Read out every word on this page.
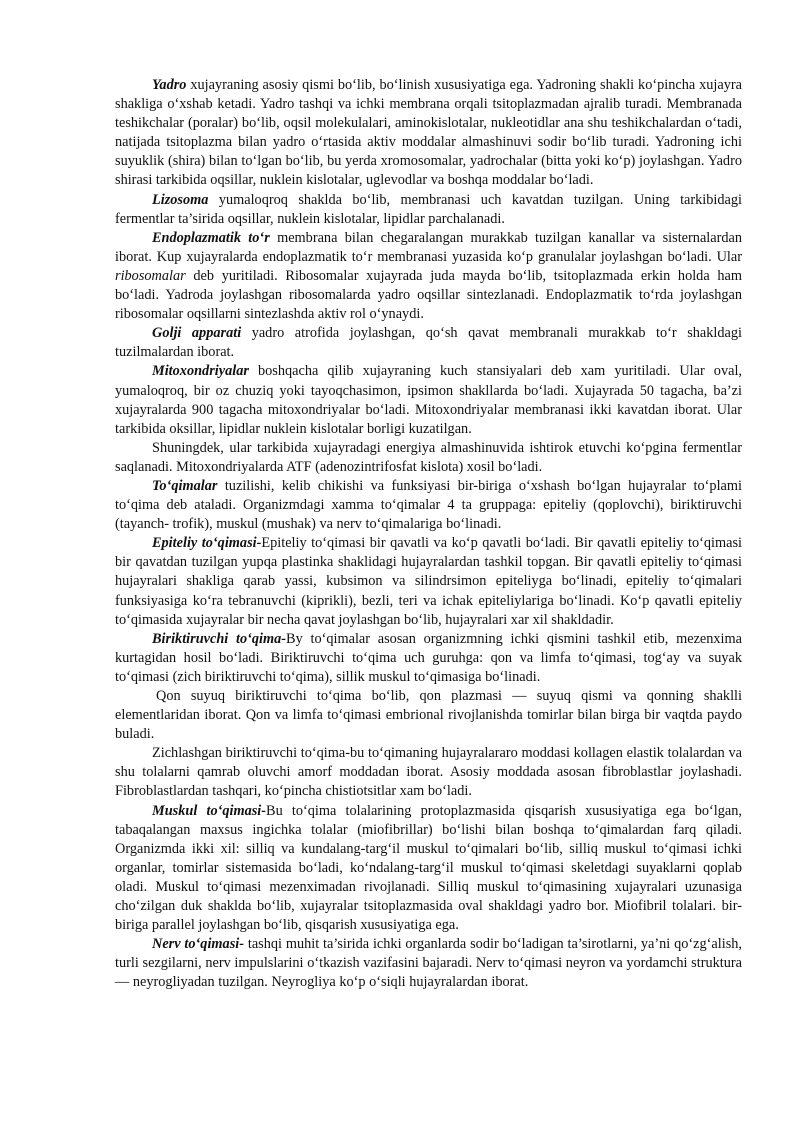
Yadro xujayraning asosiy qismi bo‘lib, bo‘linish xususiyatiga ega. Yadroning shakli ko‘pincha xujayra shakliga o‘xshab ketadi. Yadro tashqi va ichki membrana orqali tsitoplazmadan ajralib turadi. Membranada teshikchalar (poralar) bo‘lib, oqsil molekulalari, aminokislotalar, nukleotidlar ana shu teshikchalardan o‘tadi, natijada tsitoplazma bilan yadro o‘rtasida aktiv moddalar almashinuvi sodir bo‘lib turadi. Yadroning ichi suyuklik (shira) bilan to‘lgan bo‘lib, bu yerda xromosomalar, yadrochalar (bitta yoki ko‘p) joylashgan. Yadro shirasi tarkibida oqsillar, nuklein kislotalar, uglevodlar va boshqa moddalar bo‘ladi.

Lizosoma yumaloqroq shaklda bo‘lib, membranasi uch kavatdan tuzilgan. Uning tarkibidagi fermentlar ta’sirida oqsillar, nuklein kislotalar, lipidlar parchalanadi.

Endoplazmatik to‘r membrana bilan chegaralangan murakkab tuzilgan kanallar va sisternalardan iborat. Kup xujayralarda endoplazmatik to‘r membranasi yuzasida ko‘p granulalar joylashgan bo‘ladi. Ular ribosomalar deb yuritiladi. Ribosomalar xujayrada juda mayda bo‘lib, tsitoplazmada erkin holda ham bo‘ladi. Yadroda joylashgan ribosomalarda yadro oqsillar sintezlanadi. Endoplazmatik to‘rda joylashgan ribosomalar oqsillarni sintezlashda aktiv rol o‘ynaydi.

Golji apparati yadro atrofida joylashgan, qo‘sh qavat membranali murakkab to‘r shakldagi tuzilmalardan iborat.

Mitoxondriyalar boshqacha qilib xujayraning kuch stansiyalari deb xam yuritiladi. Ular oval, yumaloqroq, bir oz chuziq yoki tayoqchasimon, ipsimon shakllarda bo‘ladi. Xujayrada 50 tagacha, ba’zi xujayralarda 900 tagacha mitoxondriyalar bo‘ladi. Mitoxondriyalar membranasi ikki kavatdan iborat. Ular tarkibida oksillar, lipidlar nuklein kislotalar borligi kuzatilgan.

Shuningdek, ular tarkibida xujayradagi energiya almashinuvida ishtirok etuvchi ko‘pgina fermentlar saqlanadi. Mitoxondriyalarda ATF (adenozintrifosfat kislota) xosil bo‘ladi.

To‘qimalar tuzilishi, kelib chikishi va funksiyasi bir-biriga o‘xshash bo‘lgan hujayralar to‘plami to‘qima deb ataladi. Organizmdagi xamma to‘qimalar 4 ta gruppaga: epiteliy (qoplovchi), biriktiruvchi (tayanch- trofik), muskul (mushak) va nerv to‘qimalariga bo‘linadi.

Epiteliy to‘qimasi-Epiteliy to‘qimasi bir qavatli va ko‘p qavatli bo‘ladi. Bir qavatli epiteliy to‘qimasi bir qavatdan tuzilgan yupqa plastinka shaklidagi hujayralardan tashkil topgan. Bir qavatli epiteliy to‘qimasi hujayralari shakliga qarab yassi, kubsimon va silindrsimon epiteliyga bo‘linadi, epiteliy to‘qimalari funksiyasiga ko‘ra tebranuvchi (kiprikli), bezli, teri va ichak epiteliylariga bo‘linadi. Ko‘p qavatli epiteliy to‘qimasida xujayralar bir necha qavat joylashgan bo‘lib, hujayralari xar xil shakldadir.

Biriktiruvchi to‘qima-By to‘qimalar asosan organizmning ichki qismini tashkil etib, mezenxima kurtagidan hosil bo‘ladi. Biriktiruvchi to‘qima uch guruhga: qon va limfa to‘qimasi, tog‘ay va suyak to‘qimasi (zich biriktiruvchi to‘qima), sillik muskul to‘qimasiga bo‘linadi.

Qon suyuq biriktiruvchi to‘qima bo‘lib, qon plazmasi — suyuq qismi va qonning shaklli elementlaridan iborat. Qon va limfa to‘qimasi embrional rivojlanishda tomirlar bilan birga bir vaqtda paydo buladi.

Zichlashgan biriktiruvchi to‘qima-bu to‘qimaning hujayralararo moddasi kollagen elastik tolalardan va shu tolalarni qamrab oluvchi amorf moddadan iborat. Asosiy moddada asosan fibroblastlar joylashadi. Fibroblastlardan tashqari, ko‘pincha chistiotsitlar xam bo‘ladi.

Muskul to‘qimasi-Bu to‘qima tolalarining protoplazmasida qisqarish xususiyatiga ega bo‘lgan, tabaqalangan maxsus ingichka tolalar (miofibrillar) bo‘lishi bilan boshqa to‘qimalardan farq qiladi. Organizmda ikki xil: silliq va kundalang-targ‘il muskul to‘qimalari bo‘lib, silliq muskul to‘qimasi ichki organlar, tomirlar sistemasida bo‘ladi, ko‘ndalang-targ‘il muskul to‘qimasi skeletdagi suyaklarni qoplab oladi. Muskul to‘qimasi mezenximadan rivojlanadi. Silliq muskul to‘qimasining xujayralari uzunasiga cho‘zilgan duk shaklda bo‘lib, xujayralar tsitoplazmasida oval shakldagi yadro bor. Miofibril tolalari. bir-biriga parallel joylashgan bo‘lib, qisqarish xususiyatiga ega.

Nerv to‘qimasi- tashqi muhit ta’sirida ichki organlarda sodir bo‘ladigan ta’sirotlarni, ya’ni qo‘zg‘alish, turli sezgilarni, nerv impulslarini o‘tkazish vazifasini bajaradi. Nerv to‘qimasi neyron va yordamchi struktura — neyrogliyadan tuzilgan. Neyrogliya ko‘p o‘siqli hujayralardan iborat.
